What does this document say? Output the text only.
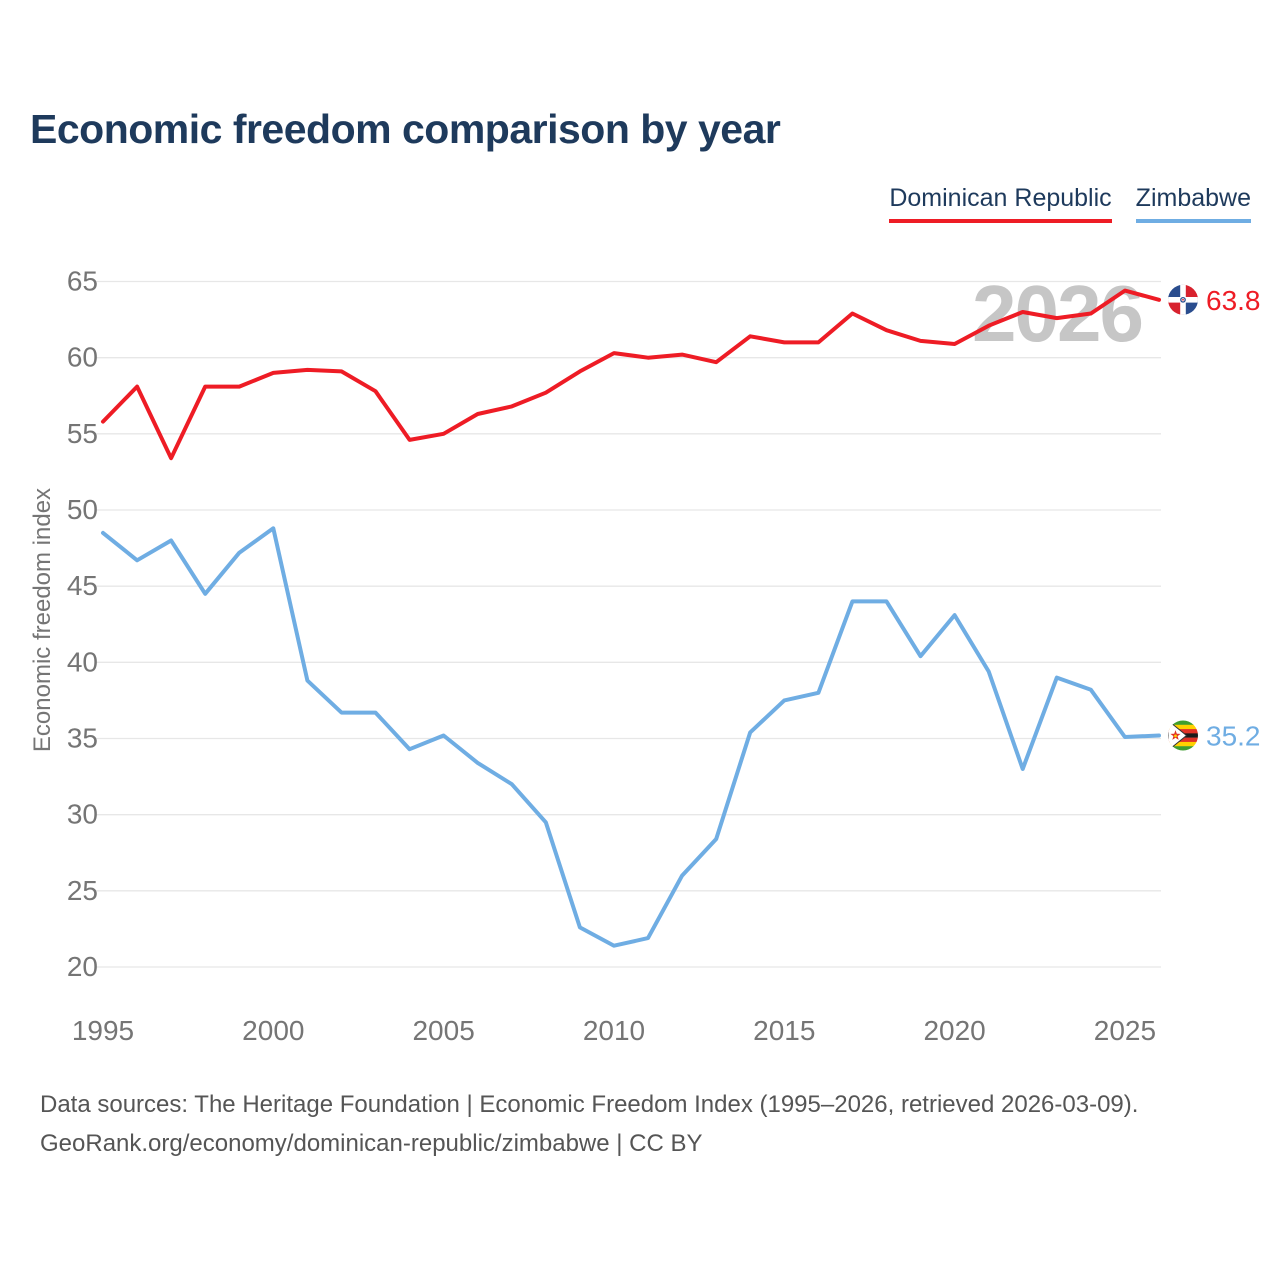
2026
20
25
30
35
40
45
50
55
60
65
1995	2000	2005	2010	2015	2020	2025
63.8
35.2
Economic freedom comparison by year
Dominican Republic Zimbabwe
Economic freedom index
Data sources: The Heritage Foundation | Economic Freedom Index (1995–2026, retrieved 2026-03-09).
GeoRank.org/economy/dominican-republic/zimbabwe | CC BY
